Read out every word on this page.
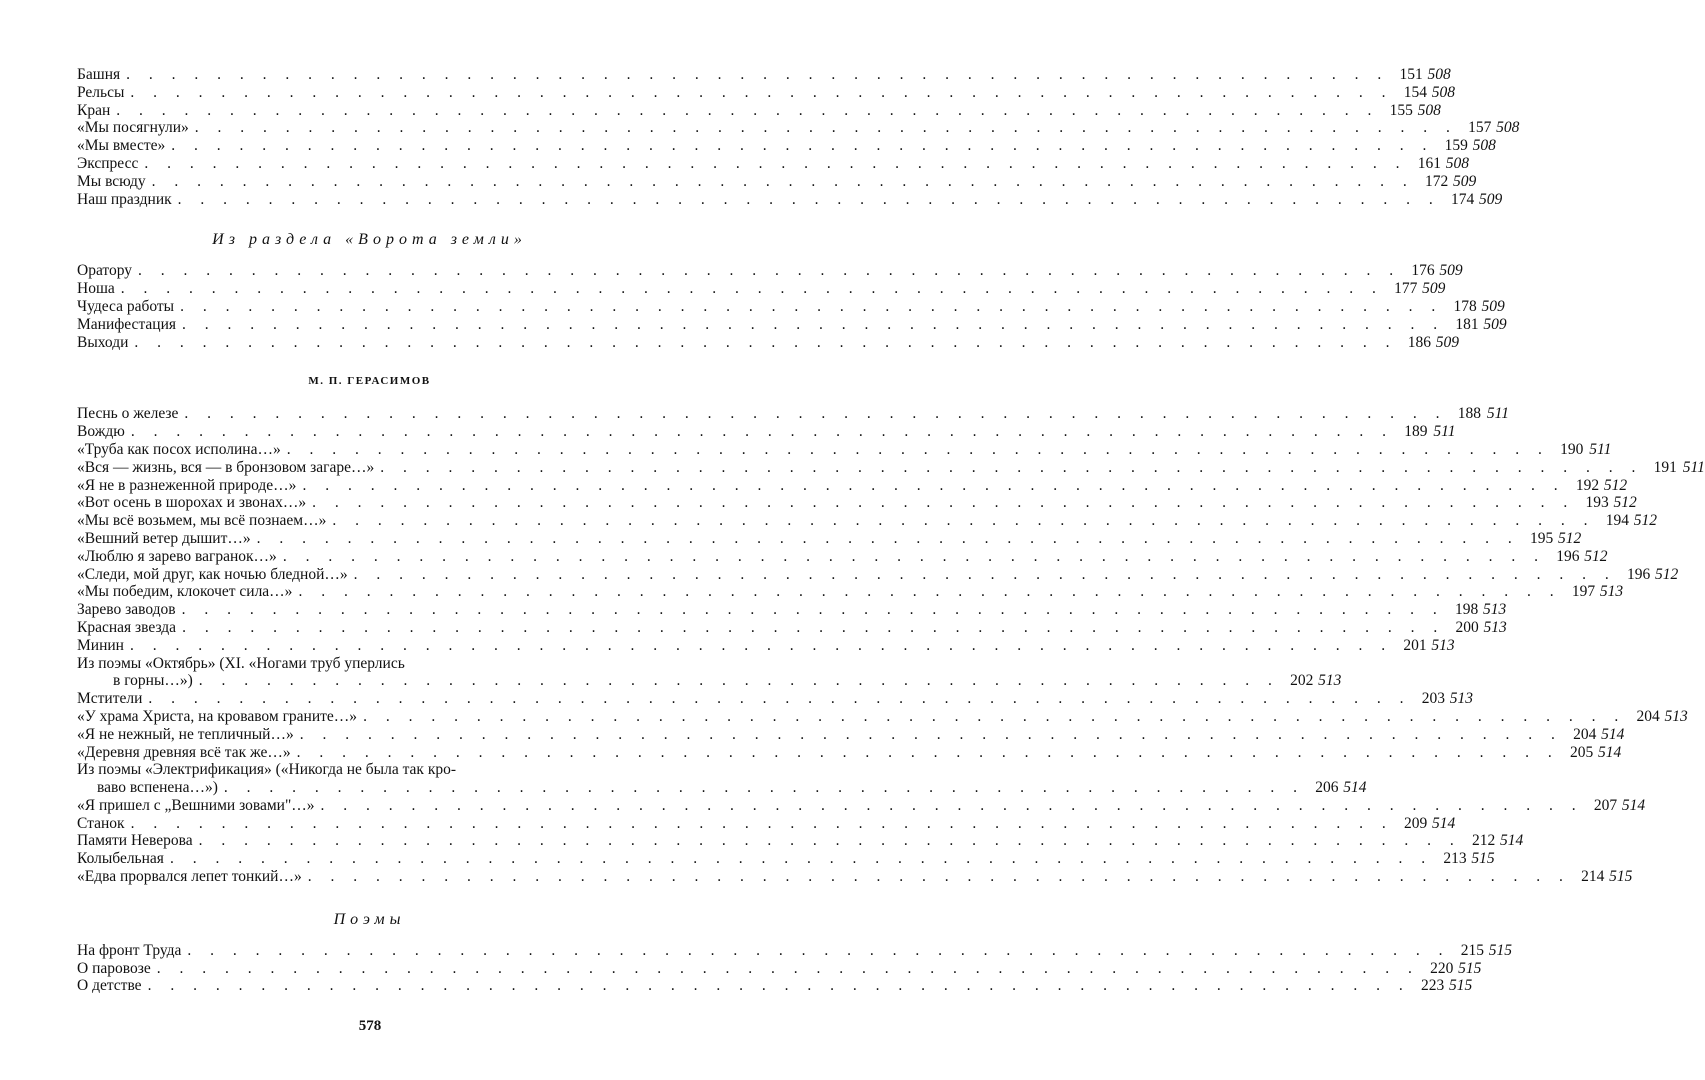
Башня . . . . . . . . . . . . . . . . . . . . . . . . . . . . . . . . . . . . . . . . . . . . . . . . . . . . . . . . 151 508
Рельсы . . . . . . . . . . . . . . . . . . . . . . . . . . . . . . . . . . . . . . . . . . . . . . . . . . . . . . . . 154 508
Кран . . . . . . . . . . . . . . . . . . . . . . . . . . . . . . . . . . . . . . . . . . . . . . . . . . . . . . . . 155 508
«Мы посягнули» . . . . . . . . . . . . . . . . . . . . . . . . . . . . . . . . . . . . . . . . . . . . . . . . . . . . . . . . 157 508
«Мы вместе» . . . . . . . . . . . . . . . . . . . . . . . . . . . . . . . . . . . . . . . . . . . . . . . . . . . . . . . . 159 508
Экспресс . . . . . . . . . . . . . . . . . . . . . . . . . . . . . . . . . . . . . . . . . . . . . . . . . . . . . . . . 161 508
Мы всюду . . . . . . . . . . . . . . . . . . . . . . . . . . . . . . . . . . . . . . . . . . . . . . . . . . . . . . . . 172 509
Наш праздник . . . . . . . . . . . . . . . . . . . . . . . . . . . . . . . . . . . . . . . . . . . . . . . . . . . . . . . . 174 509
Из раздела «Ворота земли»
Оратору . . . . . . . . . . . . . . . . . . . . . . . . . . . . . . . . . . . . . . . . . . . . . . . . . . . . . . . . 176 509
Ноша . . . . . . . . . . . . . . . . . . . . . . . . . . . . . . . . . . . . . . . . . . . . . . . . . . . . . . . . 177 509
Чудеса работы . . . . . . . . . . . . . . . . . . . . . . . . . . . . . . . . . . . . . . . . . . . . . . . . . . . . . . . . 178 509
Манифестация . . . . . . . . . . . . . . . . . . . . . . . . . . . . . . . . . . . . . . . . . . . . . . . . . . . . . . . . 181 509
Выходи . . . . . . . . . . . . . . . . . . . . . . . . . . . . . . . . . . . . . . . . . . . . . . . . . . . . . . . . 186 509
М. П. ГЕРАСИМОВ
Песнь о железе . . . . . . . . . . . . . . . . . . . . . . . . . . . . . . . . . . . . . . . . . . . . . . . . . . . . . . . . 188 511
Вождю . . . . . . . . . . . . . . . . . . . . . . . . . . . . . . . . . . . . . . . . . . . . . . . . . . . . . . . . 189 511
«Труба как посох исполина…» . . . . . . . . . . . . . . . . . . . . . . . . . . . . . . . . . . . . . . . . . . . . . . . . . . . . . . . . 190 511
«Вся — жизнь, вся — в бронзовом загаре…» . . . . . . . . . . . . . . . . . . . . . . . . . . . . . . . . . . . . . . . . . . . . . . . . . . . . . . . . 191 511
«Я не в разнеженной природе…» . . . . . . . . . . . . . . . . . . . . . . . . . . . . . . . . . . . . . . . . . . . . . . . . . . . . . . . . 192 512
«Вот осень в шорохах и звонах…» . . . . . . . . . . . . . . . . . . . . . . . . . . . . . . . . . . . . . . . . . . . . . . . . . . . . . . . . 193 512
«Мы всё возьмем, мы всё познаем…» . . . . . . . . . . . . . . . . . . . . . . . . . . . . . . . . . . . . . . . . . . . . . . . . . . . . . . . . 194 512
«Вешний ветер дышит…» . . . . . . . . . . . . . . . . . . . . . . . . . . . . . . . . . . . . . . . . . . . . . . . . . . . . . . . . 195 512
«Люблю я зарево вагранок…» . . . . . . . . . . . . . . . . . . . . . . . . . . . . . . . . . . . . . . . . . . . . . . . . . . . . . . . . 196 512
«Следи, мой друг, как ночью бледной…» . . . . . . . . . . . . . . . . . . . . . . . . . . . . . . . . . . . . . . . . . . . . . . . . . . . . . . . . 196 512
«Мы победим, клокочет сила…» . . . . . . . . . . . . . . . . . . . . . . . . . . . . . . . . . . . . . . . . . . . . . . . . . . . . . . . . 197 513
Зарево заводов . . . . . . . . . . . . . . . . . . . . . . . . . . . . . . . . . . . . . . . . . . . . . . . . . . . . . . . . 198 513
Красная звезда . . . . . . . . . . . . . . . . . . . . . . . . . . . . . . . . . . . . . . . . . . . . . . . . . . . . . . . . 200 513
Минин . . . . . . . . . . . . . . . . . . . . . . . . . . . . . . . . . . . . . . . . . . . . . . . . . . . . . . . . 201 513
Из поэмы «Октябрь» (XI. «Ногами труб уперлись
в горны…») . . . . . . . . . . . . . . . . . . . . . . . . . . . . . . . . . . . . . . . . . . . . . . . . 202 513
Мстители . . . . . . . . . . . . . . . . . . . . . . . . . . . . . . . . . . . . . . . . . . . . . . . . . . . . . . . . 203 513
«У храма Христа, на кровавом граните…» . . . . . . . . . . . . . . . . . . . . . . . . . . . . . . . . . . . . . . . . . . . . . . . . . . . . . . . . 204 513
«Я не нежный, не тепличный…» . . . . . . . . . . . . . . . . . . . . . . . . . . . . . . . . . . . . . . . . . . . . . . . . . . . . . . . . 204 514
«Деревня древняя всё так же…» . . . . . . . . . . . . . . . . . . . . . . . . . . . . . . . . . . . . . . . . . . . . . . . . . . . . . . . . 205 514
Из поэмы «Электрификация» («Никогда не была так кро-
ваво вспенена…») . . . . . . . . . . . . . . . . . . . . . . . . . . . . . . . . . . . . . . . . . . . . . . . . 206 514
«Я пришел с „Вешними зовами"…» . . . . . . . . . . . . . . . . . . . . . . . . . . . . . . . . . . . . . . . . . . . . . . . . . . . . . . . . 207 514
Станок . . . . . . . . . . . . . . . . . . . . . . . . . . . . . . . . . . . . . . . . . . . . . . . . . . . . . . . . 209 514
Памяти Неверова . . . . . . . . . . . . . . . . . . . . . . . . . . . . . . . . . . . . . . . . . . . . . . . . . . . . . . . . 212 514
Колыбельная . . . . . . . . . . . . . . . . . . . . . . . . . . . . . . . . . . . . . . . . . . . . . . . . . . . . . . . . 213 515
«Едва прорвался лепет тонкий…» . . . . . . . . . . . . . . . . . . . . . . . . . . . . . . . . . . . . . . . . . . . . . . . . . . . . . . . . 214 515
Поэмы
На фронт Труда . . . . . . . . . . . . . . . . . . . . . . . . . . . . . . . . . . . . . . . . . . . . . . . . . . . . . . . . 215 515
О паровозе . . . . . . . . . . . . . . . . . . . . . . . . . . . . . . . . . . . . . . . . . . . . . . . . . . . . . . . . 220 515
О детстве . . . . . . . . . . . . . . . . . . . . . . . . . . . . . . . . . . . . . . . . . . . . . . . . . . . . . . . . 223 515
578
